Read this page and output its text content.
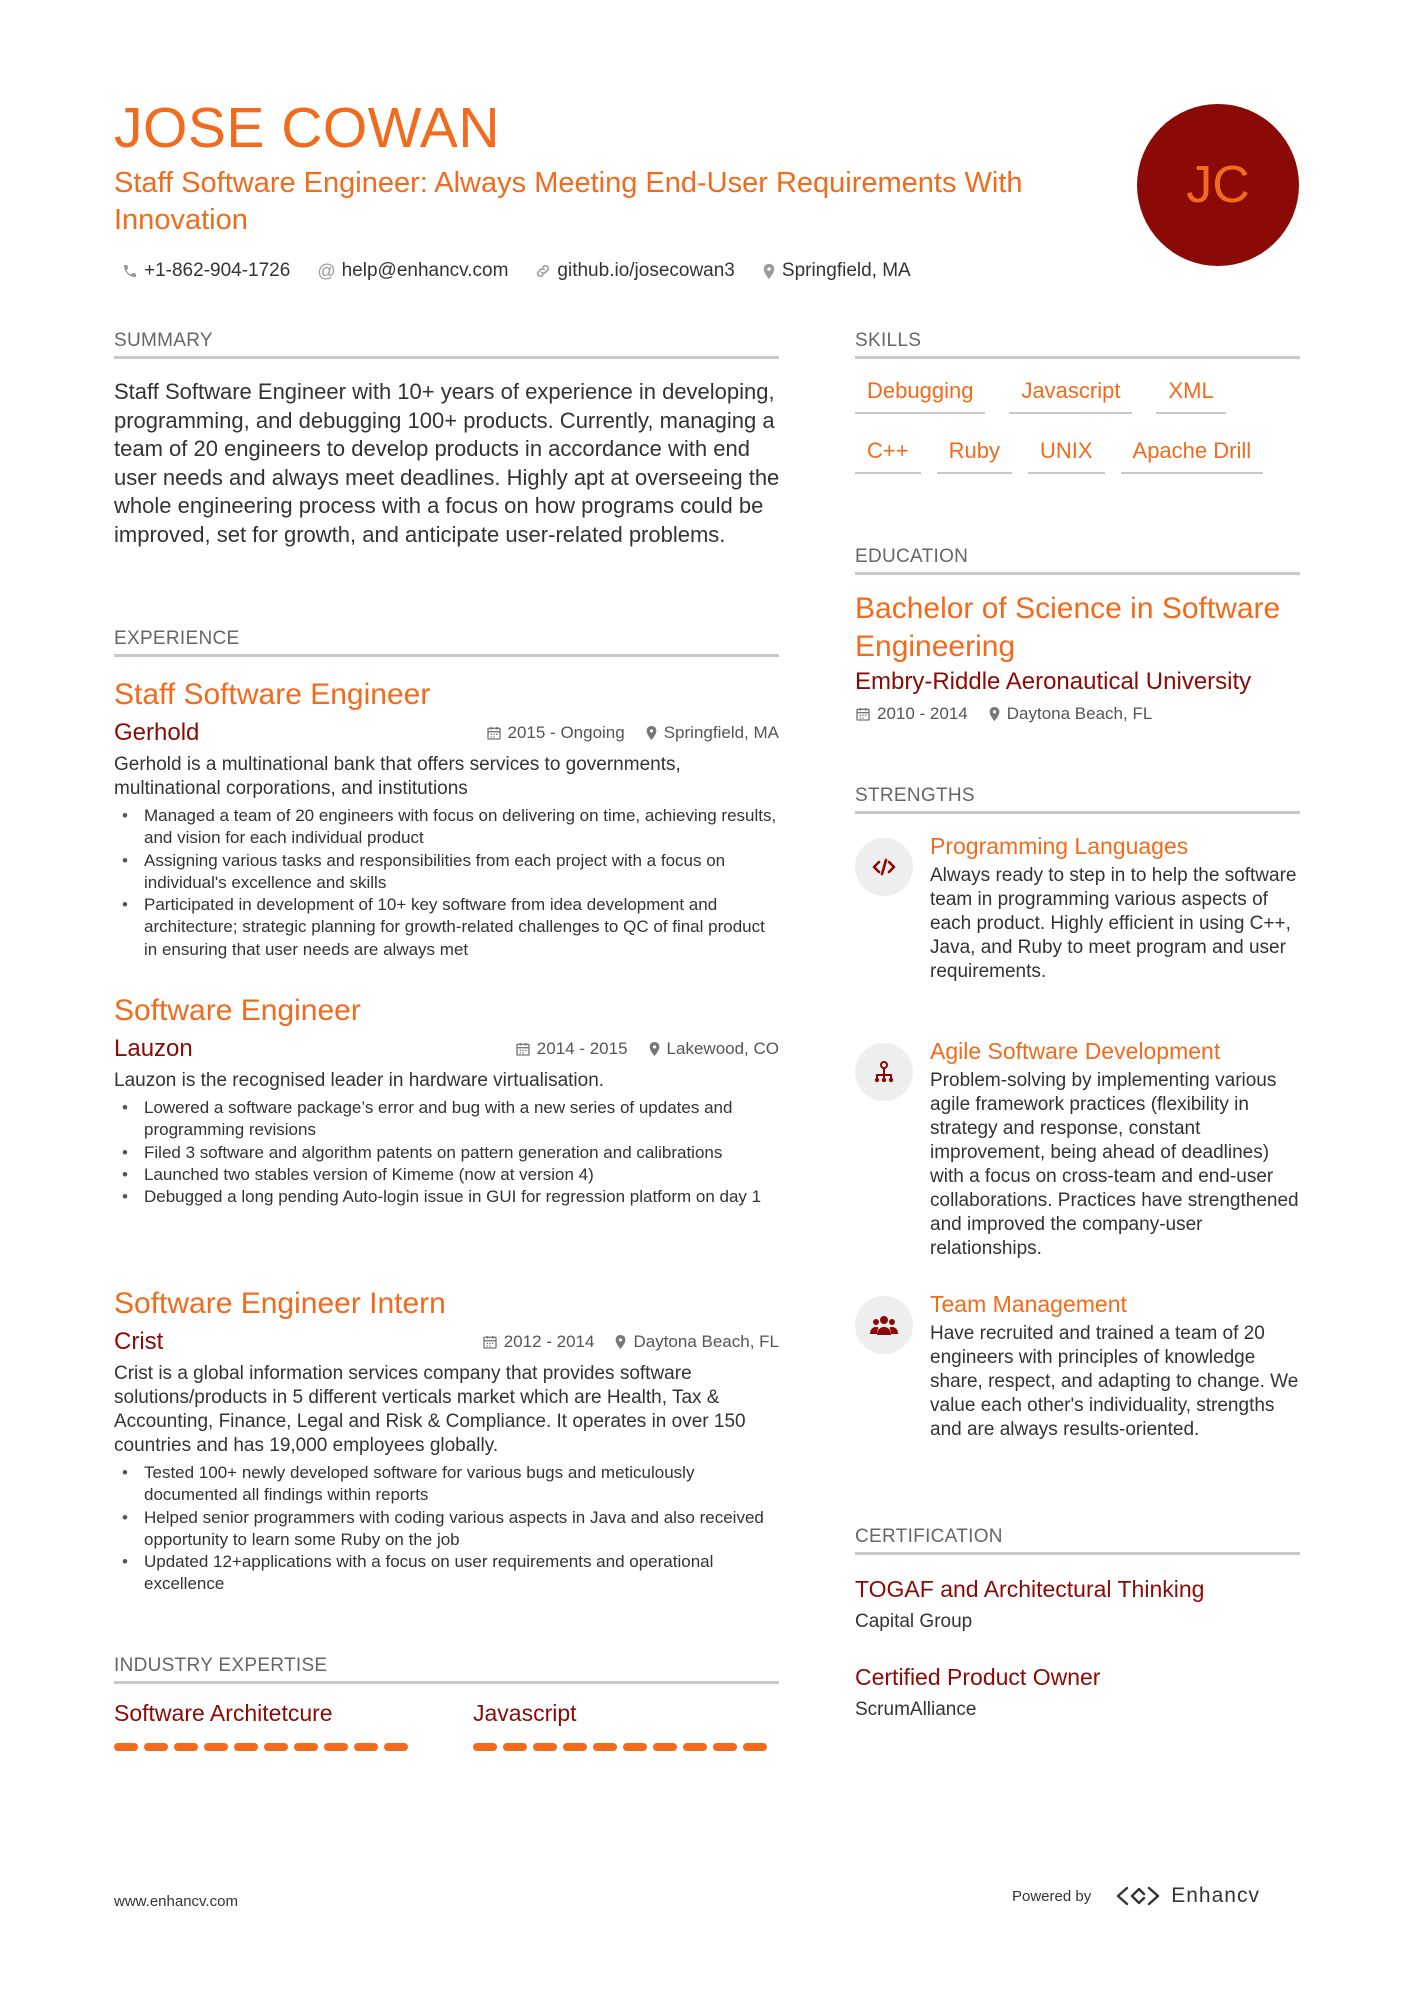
JOSE COWAN
Staff Software Engineer: Always Meeting End-User Requirements With Innovation
JC
+1-862-904-1726 @ help@enhancv.com	github.io/josecowan3 Springfield, MA
SUMMARY
Staff Software Engineer with 10+ years of experience in developing, programming, and debugging 100+ products. Currently, managing a team of 20 engineers to develop products in accordance with end user needs and always meet deadlines. Highly apt at overseeing the whole engineering process with a focus on how programs could be improved, set for growth, and anticipate user-related problems.
EXPERIENCE
Staff Software Engineer
Gerhold	2015 - Ongoing Springfield, MA
Gerhold is a multinational bank that offers services to governments, multinational corporations, and institutions
• Managed a team of 20 engineers with focus on delivering on time, achieving results, and vision for each individual product
• Assigning various tasks and responsibilities from each project with a focus on individual's excellence and skills
• Participated in development of 10+ key software from idea development and architecture; strategic planning for growth-related challenges to QC of final product in ensuring that user needs are always met
Software Engineer
Lauzon	2014 - 2015 Lakewood, CO
Lauzon is the recognised leader in hardware virtualisation.
• Lowered a software package’s error and bug with a new series of updates and programming revisions
• Filed 3 software and algorithm patents on pattern generation and calibrations
• Launched two stables version of Kimeme (now at version 4)
• Debugged a long pending Auto-login issue in GUI for regression platform on day 1
Software Engineer Intern
Crist	2012 - 2014 Daytona Beach, FL
Crist is a global information services company that provides software solutions/products in 5 different verticals market which are Health, Tax & Accounting, Finance, Legal and Risk & Compliance. It operates in over 150 countries and has 19,000 employees globally.
• Tested 100+ newly developed software for various bugs and meticulously documented all findings within reports
• Helped senior programmers with coding various aspects in Java and also received opportunity to learn some Ruby on the job
• Updated 12+applications with a focus on user requirements and operational excellence
INDUSTRY EXPERTISE
Software Architetcure	Javascript
SKILLS
Debugging	Javascript	XML
C++	Ruby	UNIX	Apache Drill
EDUCATION
Bachelor of Science in Software Engineering
Embry-Riddle Aeronautical University
2010 - 2014 Daytona Beach, FL
STRENGTHS
Programming Languages
Always ready to step in to help the software team in programming various aspects of each product. Highly efficient in using C++, Java, and Ruby to meet program and user requirements.
Agile Software Development
Problem-solving by implementing various agile framework practices (flexibility in strategy and response, constant improvement, being ahead of deadlines) with a focus on cross-team and end-user collaborations. Practices have strengthened and improved the company-user relationships.
Team Management
Have recruited and trained a team of 20 engineers with principles of knowledge share, respect, and adapting to change. We value each other's individuality, strengths and are always results-oriented.
CERTIFICATION
TOGAF and Architectural Thinking
Capital Group
Certified Product Owner
ScrumAlliance
www.enhancv.com	Powered by	Enhancv
